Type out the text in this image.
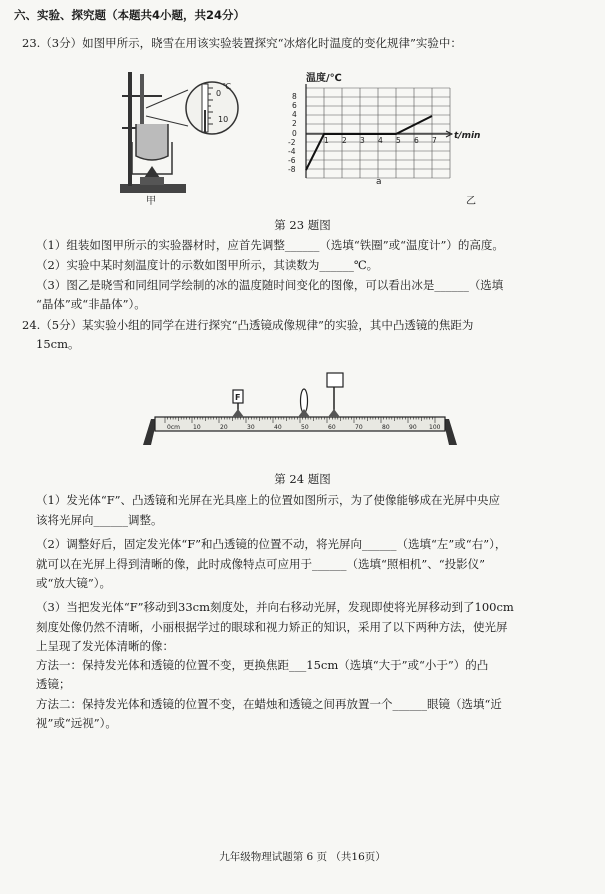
六、实验、探究题（本题共4小题，共24分）
23.（3分）如图甲所示，晓雪在用该实验装置探究“冰熔化时温度的变化规律”实验中：
0
℃
10
温度/℃
8
6
4
2
0
-2
-4
-6
-8
1 2 3 4 5 6 7 t/min
a
甲	乙
第 23 题图
（1）组装如图甲所示的实验器材时，应首先调整______（选填“铁圈”或“温度计”）的高度。
（2）实验中某时刻温度计的示数如图甲所示，其读数为______℃。
（3）图乙是晓雪和同组同学绘制的冰的温度随时间变化的图像，可以看出冰是______（选填
“晶体”或“非晶体”）。
24.（5分）某实验小组的同学在进行探究“凸透镜成像规律”的实验，其中凸透镜的焦距为
15cm。
0cm 10	20	30	40	50	60	70	80	90 100
F
第 24 题图
（1）发光体“F”、凸透镜和光屏在光具座上的位置如图所示，为了使像能够成在光屏中央应
该将光屏向______调整。
（2）调整好后，固定发光体“F”和凸透镜的位置不动，将光屏向______（选填“左”或“右”），
就可以在光屏上得到清晰的像，此时成像特点可应用于______（选填“照相机”、“投影仪”
或“放大镜”）。
（3）当把发光体“F”移动到33cm刻度处，并向右移动光屏，发现即使将光屏移动到了100cm
刻度处像仍然不清晰，小丽根据学过的眼球和视力矫正的知识，采用了以下两种方法，使光屏
上呈现了发光体清晰的像：
方法一：保持发光体和透镜的位置不变，更换焦距___15cm（选填“大于”或“小于”）的凸
透镜；
方法二：保持发光体和透镜的位置不变，在蜡烛和透镜之间再放置一个______眼镜（选填“近
视”或“远视”）。
九年级物理试题第 6 页 （共16页）
